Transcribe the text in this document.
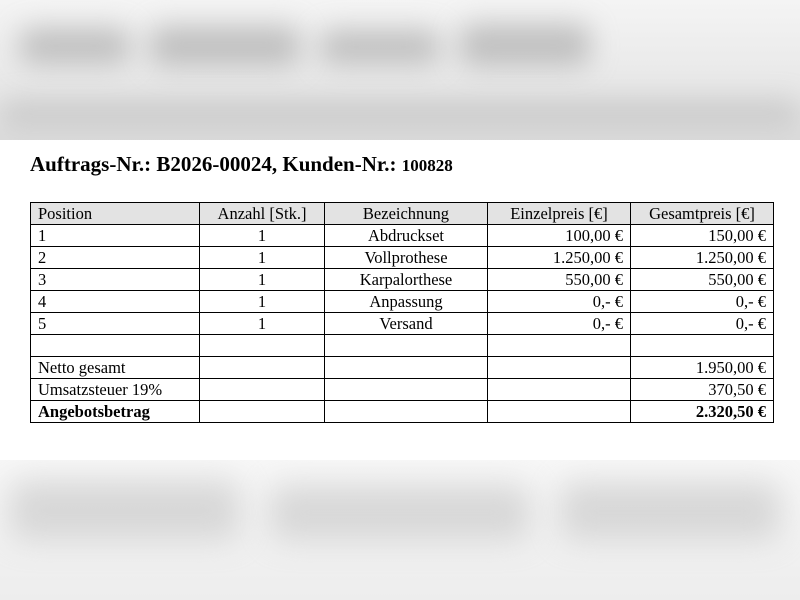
Auftrags-Nr.: B2026-00024, Kunden-Nr.: 100828
Position	Anzahl [Stk.]	Bezeichnung	Einzelpreis [€]	Gesamtpreis [€]
1	1	Abdruckset	100,00 €	150,00 €
2	1	Vollprothese	1.250,00 €	1.250,00 €
3	1	Karpalorthese	550,00 €	550,00 €
4	1	Anpassung	0,- €	0,- €
5	1	Versand	0,- €	0,- €

Netto gesamt				1.950,00 €
Umsatzsteuer 19%				370,50 €
Angebotsbetrag				2.320,50 €
